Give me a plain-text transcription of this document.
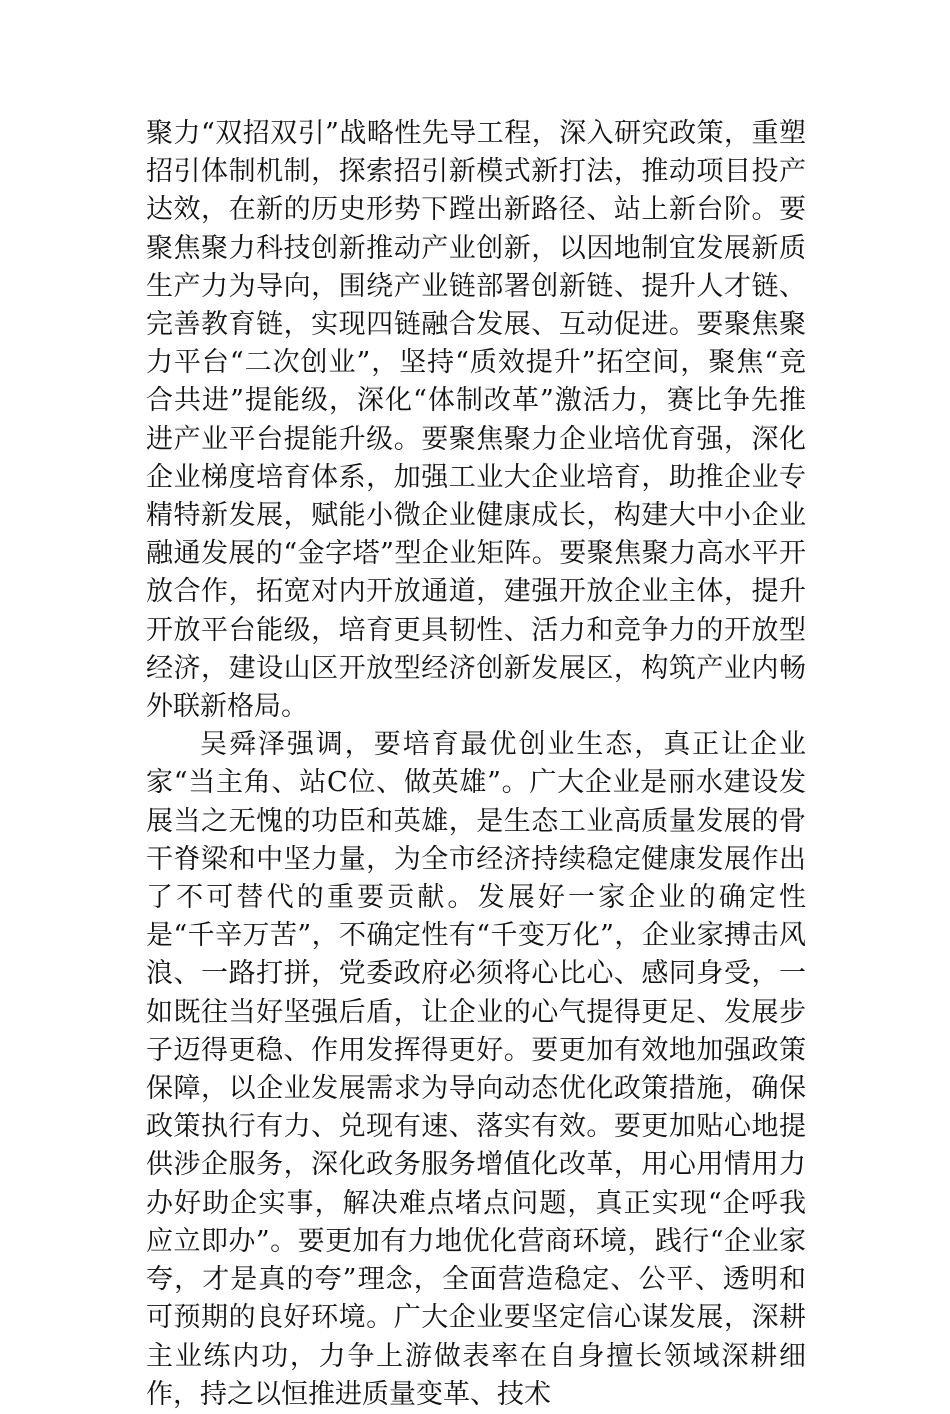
聚力“双招双引”战略性先导工程，深入研究政策，重塑招引体制机制，探索招引新模式新打法，推动项目投产达效，在新的历史形势下蹚出新路径、站上新台阶。要聚焦聚力科技创新推动产业创新，以因地制宜发展新质生产力为导向，围绕产业链部署创新链、提升人才链、完善教育链，实现四链融合发展、互动促进。要聚焦聚力平台“二次创业”，坚持“质效提升”拓空间，聚焦“竞合共进”提能级，深化“体制改革”激活力，赛比争先推进产业平台提能升级。要聚焦聚力企业培优育强，深化企业梯度培育体系，加强工业大企业培育，助推企业专精特新发展，赋能小微企业健康成长，构建大中小企业融通发展的“金字塔”型企业矩阵。要聚焦聚力高水平开放合作，拓宽对内开放通道，建强开放企业主体，提升开放平台能级，培育更具韧性、活力和竞争力的开放型经济，建设山区开放型经济创新发展区，构筑产业内畅外联新格局。

吴舜泽强调，要培育最优创业生态，真正让企业家“当主角、站C位、做英雄”。广大企业是丽水建设发展当之无愧的功臣和英雄，是生态工业高质量发展的骨干脊梁和中坚力量，为全市经济持续稳定健康发展作出了不可替代的重要贡献。发展好一家企业的确定性是“千辛万苦”，不确定性有“千变万化”，企业家搏击风浪、一路打拼，党委政府必须将心比心、感同身受，一如既往当好坚强后盾，让企业的心气提得更足、发展步子迈得更稳、作用发挥得更好。要更加有效地加强政策保障，以企业发展需求为导向动态优化政策措施，确保政策执行有力、兑现有速、落实有效。要更加贴心地提供涉企服务，深化政务服务增值化改革，用心用情用力办好助企实事，解决难点堵点问题，真正实现“企呼我应立即办”。要更加有力地优化营商环境，践行“企业家夸，才是真的夸”理念，全面营造稳定、公平、透明和可预期的良好环境。广大企业要坚定信心谋发展，深耕主业练内功，力争上游做表率在自身擅长领域深耕细作，持之以恒推进质量变革、技术
